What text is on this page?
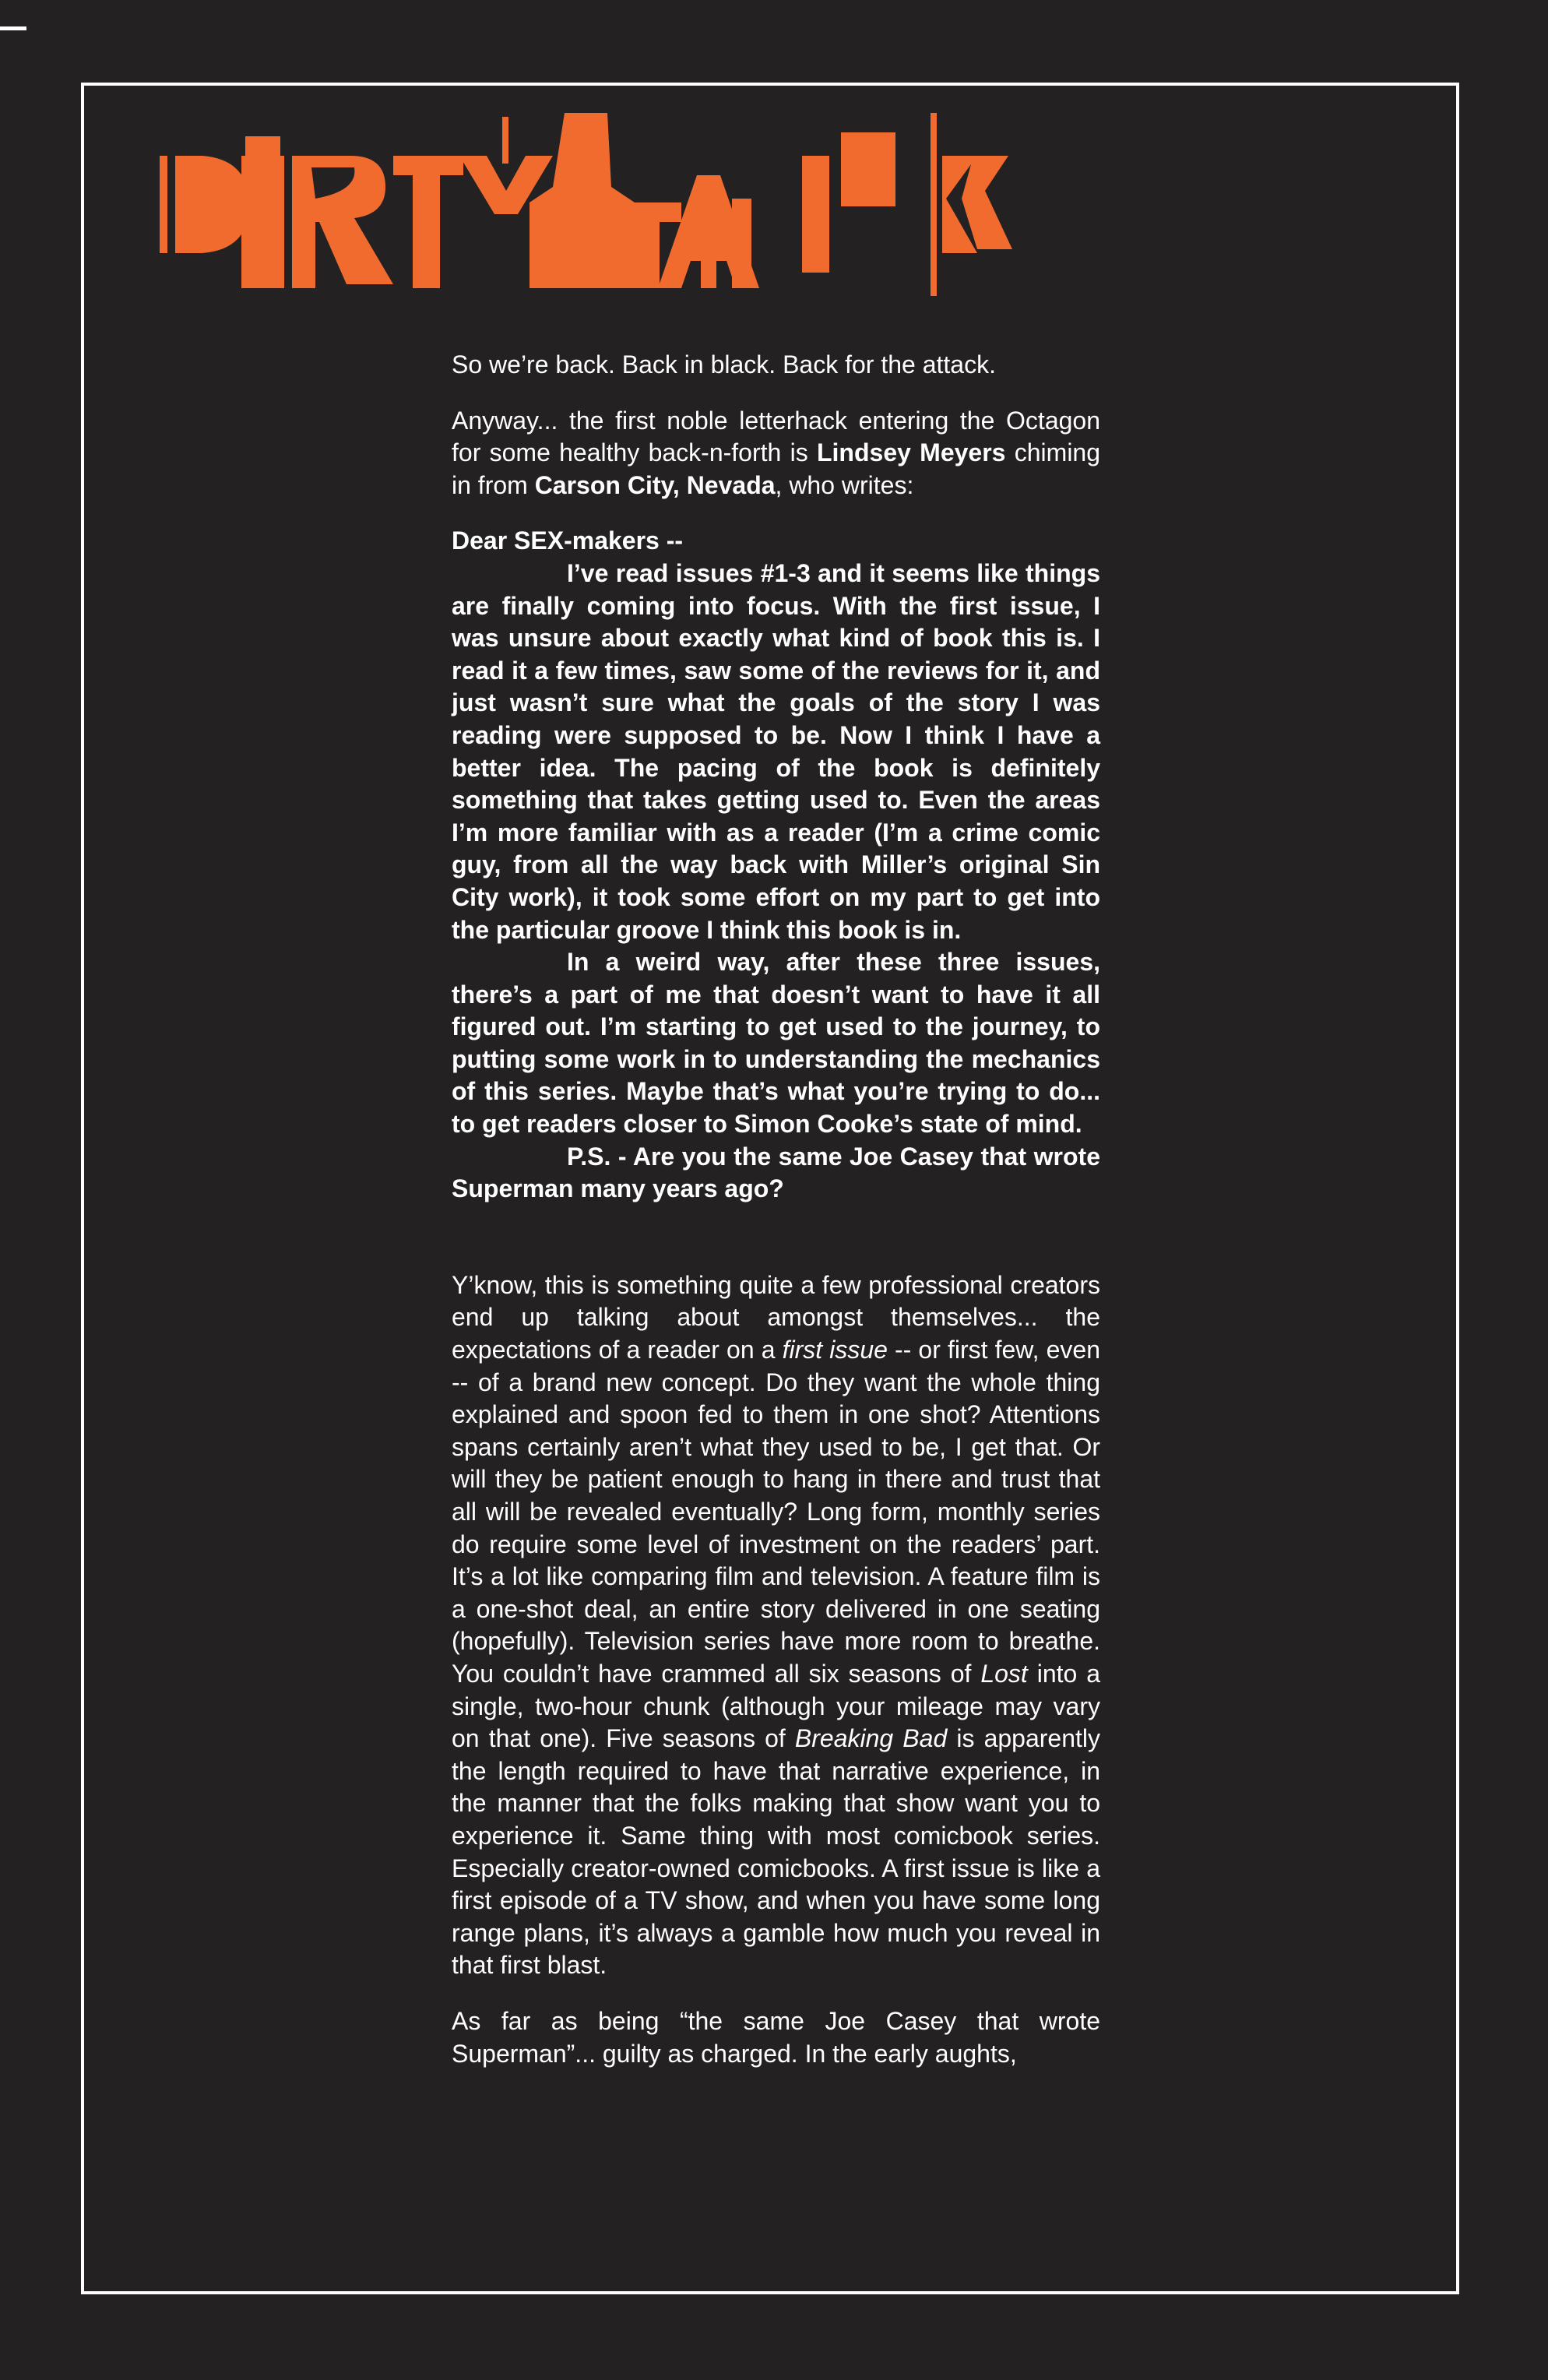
So we’re back. Back in black. Back for the attack.

Anyway... the first noble letterhack entering the Octagon for some healthy back-n-forth is Lindsey Meyers chiming in from Carson City, Nevada, who writes:

Dear SEX-makers --

I’ve read issues #1-3 and it seems like things are finally coming into focus. With the first issue, I was unsure about exactly what kind of book this is. I read it a few times, saw some of the reviews for it, and just wasn’t sure what the goals of the story I was reading were supposed to be. Now I think I have a better idea. The pacing of the book is definitely something that takes getting used to. Even the areas I’m more familiar with as a reader (I’m a crime comic guy, from all the way back with Miller’s original Sin City work), it took some effort on my part to get into the particular groove I think this book is in.

In a weird way, after these three issues, there’s a part of me that doesn’t want to have it all figured out. I’m starting to get used to the journey, to putting some work in to understanding the mechanics of this series. Maybe that’s what you’re trying to do... to get readers closer to Simon Cooke’s state of mind.

P.S. - Are you the same Joe Casey that wrote Superman many years ago?

Y’know, this is something quite a few professional creators end up talking about amongst themselves... the expectations of a reader on a first issue -- or first few, even -- of a brand new concept. Do they want the whole thing explained and spoon fed to them in one shot? Attentions spans certainly aren’t what they used to be, I get that. Or will they be patient enough to hang in there and trust that all will be revealed eventually? Long form, monthly series do require some level of investment on the readers’ part. It’s a lot like comparing film and television. A feature film is a one-shot deal, an entire story delivered in one seating (hopefully). Television series have more room to breathe. You couldn’t have crammed all six seasons of Lost into a single, two-hour chunk (although your mileage may vary on that one). Five seasons of Breaking Bad is apparently the length required to have that narrative experience, in the manner that the folks making that show want you to experience it. Same thing with most comicbook series. Especially creator-owned comicbooks. A first issue is like a first episode of a TV show, and when you have some long range plans, it’s always a gamble how much you reveal in that first blast.

As far as being “the same Joe Casey that wrote Superman”... guilty as charged. In the early aughts,
